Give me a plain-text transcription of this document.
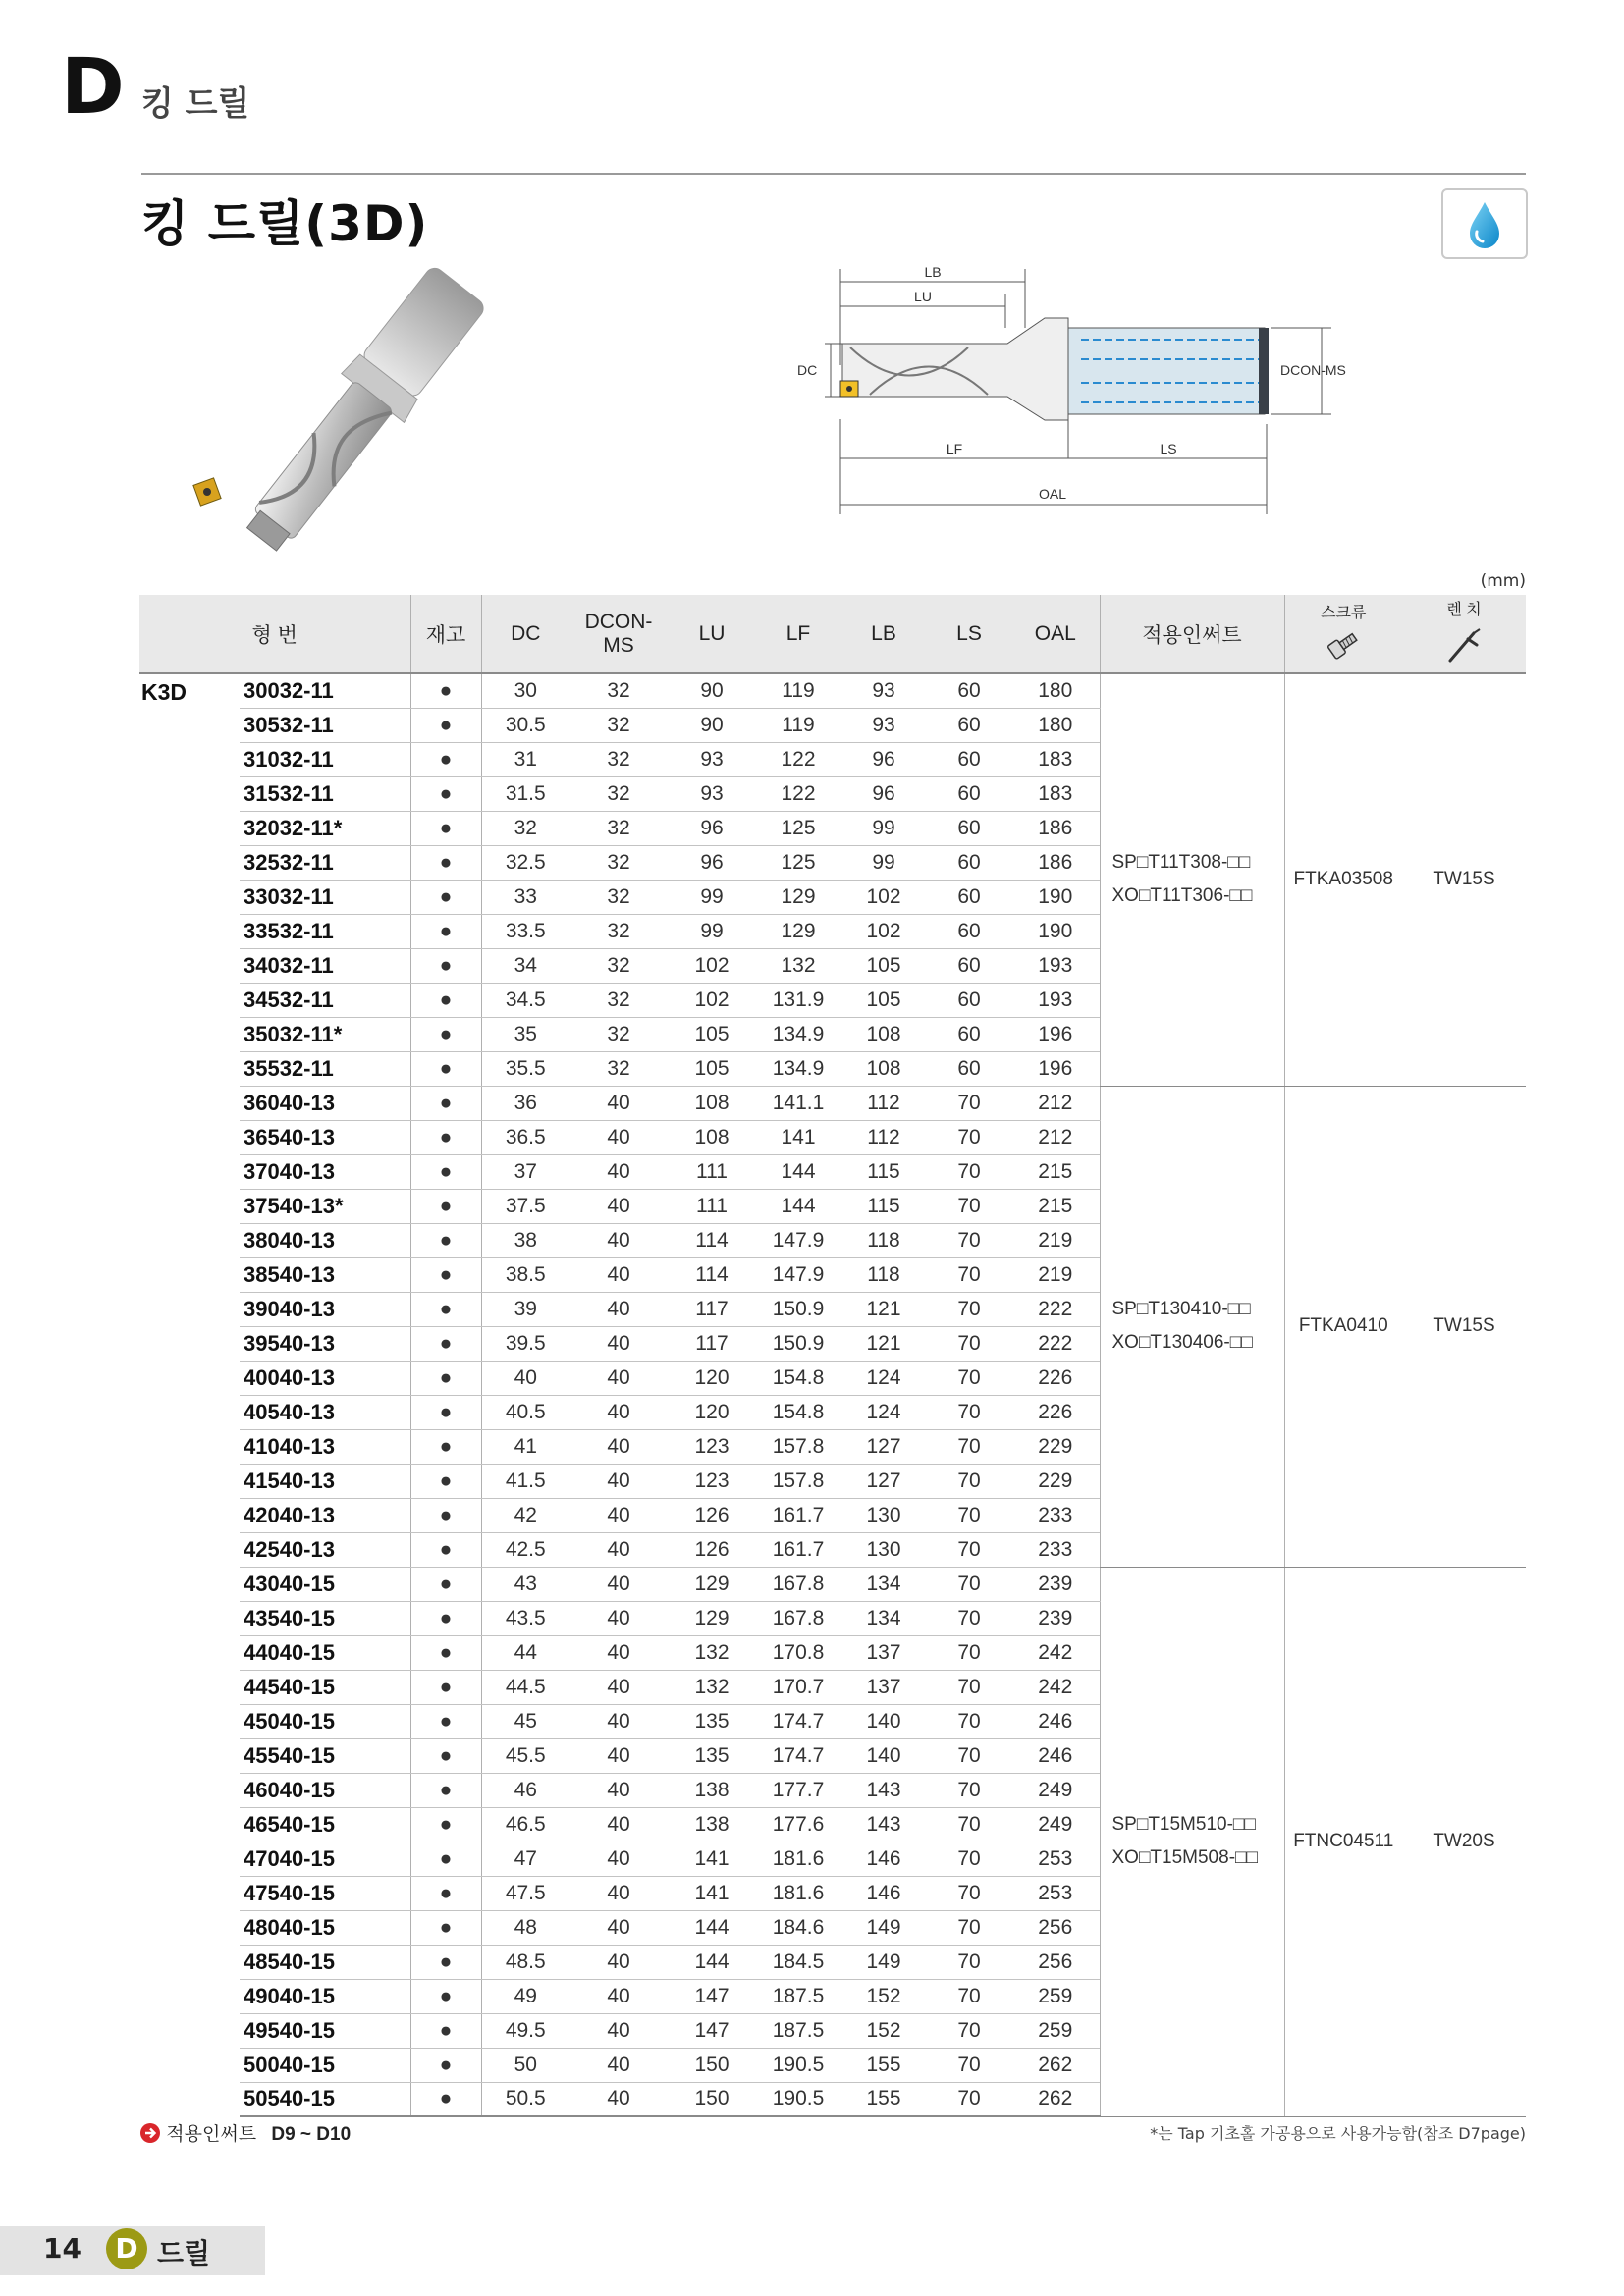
D 킹 드릴
킹 드릴(3D)
LB
LU
DC	DCON-MS
LF	LS
OAL
(mm)
형 번		재고	DC	DCON-MS	LU	LF	LB	LS	OAL	적용인써트	스크류	렌 치

K3D	30032-11	●	30	32	90	119	93	60	180	SP□T11T308-□□
XO□T11T306-□□	FTKA03508	TW15S
	30532-11	●	30.5	32	90	119	93	60	180			
	31032-11	●	31	32	93	122	96	60	183			
	31532-11	●	31.5	32	93	122	96	60	183			
	32032-11*	●	32	32	96	125	99	60	186			
	32532-11	●	32.5	32	96	125	99	60	186			
	33032-11	●	33	32	99	129	102	60	190			
	33532-11	●	33.5	32	99	129	102	60	190			
	34032-11	●	34	32	102	132	105	60	193			
	34532-11	●	34.5	32	102	131.9	105	60	193			
	35032-11*	●	35	32	105	134.9	108	60	196			
	35532-11	●	35.5	32	105	134.9	108	60	196			
	36040-13	●	36	40	108	141.1	112	70	212	SP□T130410-□□
XO□T130406-□□	FTKA0410	TW15S
	36540-13	●	36.5	40	108	141	112	70	212			
	37040-13	●	37	40	111	144	115	70	215			
	37540-13*	●	37.5	40	111	144	115	70	215			
	38040-13	●	38	40	114	147.9	118	70	219			
	38540-13	●	38.5	40	114	147.9	118	70	219			
	39040-13	●	39	40	117	150.9	121	70	222			
	39540-13	●	39.5	40	117	150.9	121	70	222			
	40040-13	●	40	40	120	154.8	124	70	226			
	40540-13	●	40.5	40	120	154.8	124	70	226			
	41040-13	●	41	40	123	157.8	127	70	229			
	41540-13	●	41.5	40	123	157.8	127	70	229			
	42040-13	●	42	40	126	161.7	130	70	233			
	42540-13	●	42.5	40	126	161.7	130	70	233			
	43040-15	●	43	40	129	167.8	134	70	239	SP□T15M510-□□
XO□T15M508-□□	FTNC04511	TW20S
	43540-15	●	43.5	40	129	167.8	134	70	239			
	44040-15	●	44	40	132	170.8	137	70	242			
	44540-15	●	44.5	40	132	170.7	137	70	242			
	45040-15	●	45	40	135	174.7	140	70	246			
	45540-15	●	45.5	40	135	174.7	140	70	246			
	46040-15	●	46	40	138	177.7	143	70	249			
	46540-15	●	46.5	40	138	177.6	143	70	249			
	47040-15	●	47	40	141	181.6	146	70	253			
	47540-15	●	47.5	40	141	181.6	146	70	253			
	48040-15	●	48	40	144	184.6	149	70	256			
	48540-15	●	48.5	40	144	184.5	149	70	256			
	49040-15	●	49	40	147	187.5	152	70	259			
	49540-15	●	49.5	40	147	187.5	152	70	259			
	50040-15	●	50	40	150	190.5	155	70	262			
	50540-15	●	50.5	40	150	190.5	155	70	262			
적용인써트 D9 ~ D10	*는 Tap 기초홀 가공용으로 사용가능함(참조 D7page)
14	D 드릴
